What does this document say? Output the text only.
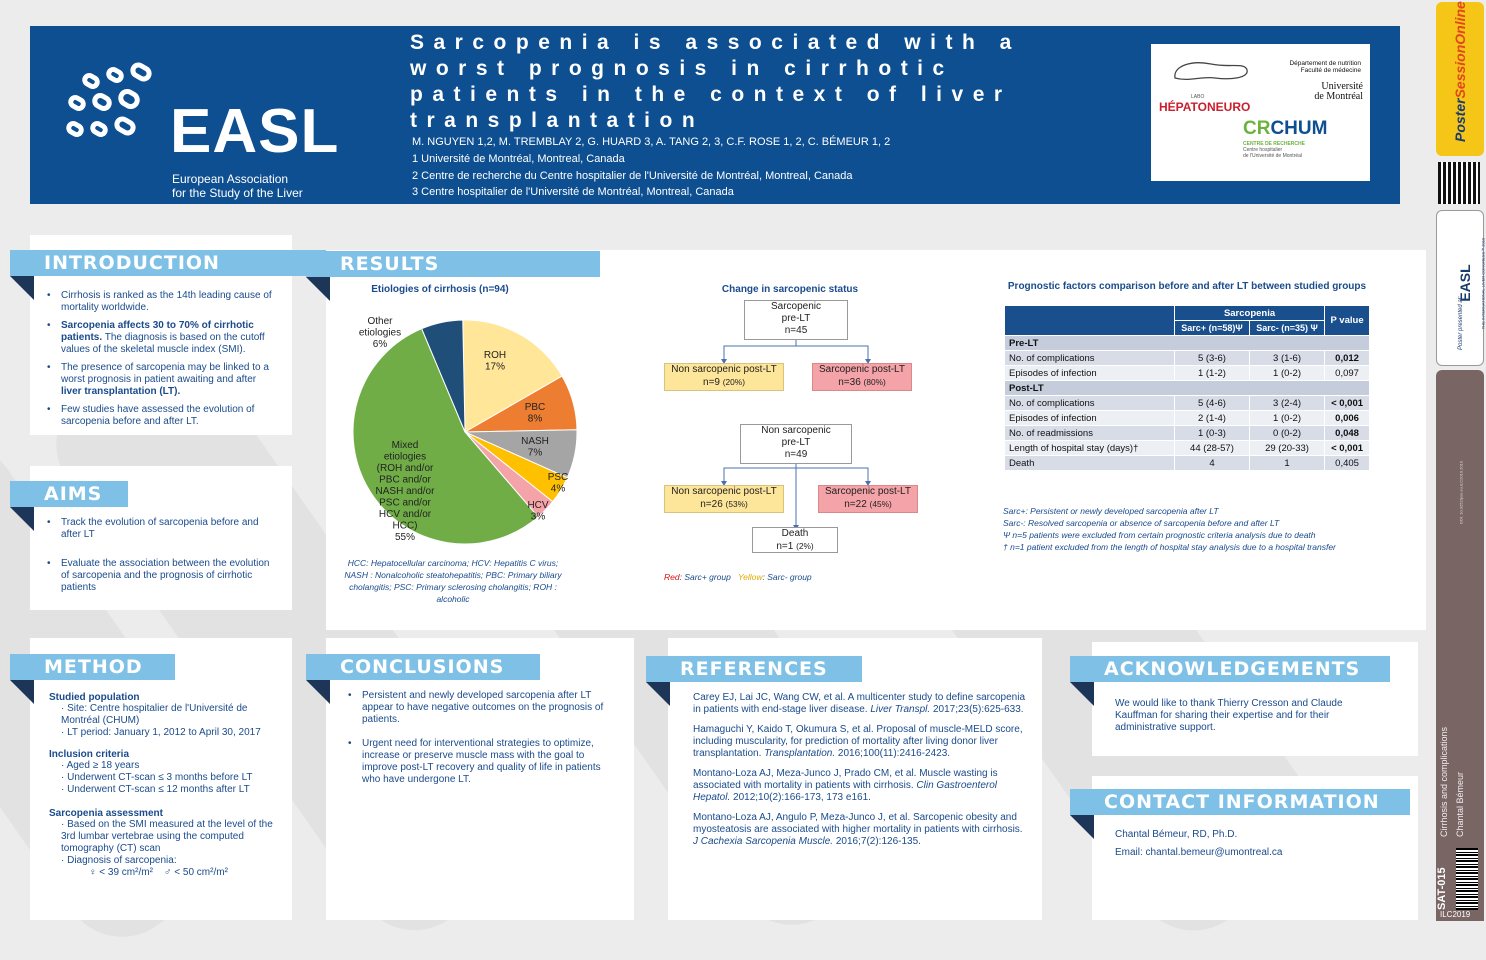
EASL
European Association
for the Study of the Liver
Sarcopenia is associated with a worst prognosis in cirrhotic patients in the context of liver transplantation
M. NGUYEN 1,2, M. TREMBLAY 2, G. HUARD 3, A. TANG 2, 3, C.F. ROSE 1, 2, C. BÉMEUR 1, 2
1 Université de Montréal, Montreal, Canada
2 Centre de recherche du Centre hospitalier de l'Université de Montréal, Montreal, Canada
3 Centre hospitalier de l'Université de Montréal, Montreal, Canada
LABO
HÉPATONEURO
Département de nutrition
Faculté de médecine
Université
de Montréal
CRCHUM
CENTRE DE RECHERCHE
Centre hospitalier
de l'Université de Montréal
INTRODUCTION
• Cirrhosis is ranked as the 14th leading cause of mortality worldwide.
• Sarcopenia affects 30 to 70% of cirrhotic patients. The diagnosis is based on the cutoff values of the skeletal muscle index (SMI).
• The presence of sarcopenia may be linked to a worst prognosis in patient awaiting and after liver transplantation (LT).
• Few studies have assessed the evolution of sarcopenia before and after LT.
AIMS
• Track the evolution of sarcopenia before and after LT
• Evaluate the association between the evolution of sarcopenia and the prognosis of cirrhotic patients
RESULTS
Etiologies of cirrhosis (n=94)
ROH 17%
PBC 8%
NASH 7%
PSC 4%
HCV 3%
Mixed etiologies (ROH and/or PBC and/or NASH and/or PSC and/or HCV and/or HCC) 55%
Other etiologies 6%
HCC: Hepatocellular carcinoma; HCV: Hepatitis C virus; NASH : Nonalcoholic steatohepatitis; PBC: Primary biliary cholangitis; PSC: Primary sclerosing cholangitis; ROH : alcoholic
Change in sarcopenic status
Sarcopenic
pre-LT
n=45
Non sarcopenic post-LT
n=9 (20%)
Sarcopenic post-LT
n=36 (80%)
Non sarcopenic
pre-LT
n=49
Non sarcopenic post-LT
n=26 (53%)
Sarcopenic post-LT
n=22 (45%)
Death
n=1 (2%)
Red: Sarc+ group Yellow: Sarc- group
Prognostic factors comparison before and after LT between studied groups
	Sarcopenia		P value
	Sarc+ (n=58)Ψ	Sarc- (n=35) Ψ	
Pre-LT			
No. of complications	5 (3-6)	3 (1-6)	0,012
Episodes of infection	1 (1-2)	1 (0-2)	0,097
Post-LT			
No. of complications	5 (4-6)	3 (2-4)	< 0,001
Episodes of infection	2 (1-4)	1 (0-2)	0,006
No. of readmissions	1 (0-3)	0 (0-2)	0,048
Length of hospital stay (days)†	44 (28-57)	29 (20-33)	< 0,001
Death	4	1	0,405
Sarc+: Persistent or newly developed sarcopenia after LT
Sarc-: Resolved sarcopenia or absence of sarcopenia before and after LT
Ψ n=5 patients were excluded from certain prognostic criteria analysis due to death
† n=1 patient excluded from the length of hospital stay analysis due to a hospital transfer
METHOD
Studied population
· Site: Centre hospitalier de l'Université de Montréal (CHUM)
· LT period: January 1, 2012 to April 30, 2017
Inclusion criteria
· Aged ≥ 18 years
· Underwent CT-scan ≤ 3 months before LT
· Underwent CT-scan ≤ 12 months after LT
Sarcopenia assessment
· Based on the SMI measured at the level of the 3rd lumbar vertebrae using the computed tomography (CT) scan
· Diagnosis of sarcopenia:
♀ < 39 cm²/m²    ♂ < 50 cm²/m²
CONCLUSIONS
• Persistent and newly developed sarcopenia after LT appear to have negative outcomes on the prognosis of patients.
• Urgent need for interventional strategies to optimize, increase or preserve muscle mass with the goal to improve post-LT recovery and quality of life in patients who have undergone LT.
REFERENCES
Carey EJ, Lai JC, Wang CW, et al. A multicenter study to define sarcopenia in patients with end-stage liver disease. Liver Transpl. 2017;23(5):625-633.
Hamaguchi Y, Kaido T, Okumura S, et al. Proposal of muscle-MELD score, including muscularity, for prediction of mortality after living donor liver transplantation. Transplantation. 2016;100(11):2416-2423.
Montano-Loza AJ, Meza-Junco J, Prado CM, et al. Muscle wasting is associated with mortality in patients with cirrhosis. Clin Gastroenterol Hepatol. 2012;10(2):166-173, 173 e161.
Montano-Loza AJ, Angulo P, Meza-Junco J, et al. Sarcopenic obesity and myosteatosis are associated with higher mortality in patients with cirrhosis. J Cachexia Sarcopenia Muscle. 2016;7(2):126-135.
ACKNOWLEDGEMENTS
We would like to thank Thierry Cresson and Claude Kauffman for sharing their expertise and for their administrative support.
CONTACT INFORMATION
Chantal Bémeur, RD, Ph.D.
Email: chantal.bemeur@umontreal.ca
PosterSessionOnline
Poster presented at:
EASL THE INTERNATIONAL LIVER CONGRESS™ 2019
DOI: 10.3252/pso.eu.ILC2019.2019
Cirrhosis and complications Chantal Bémeur
SAT-015
ILC2019
